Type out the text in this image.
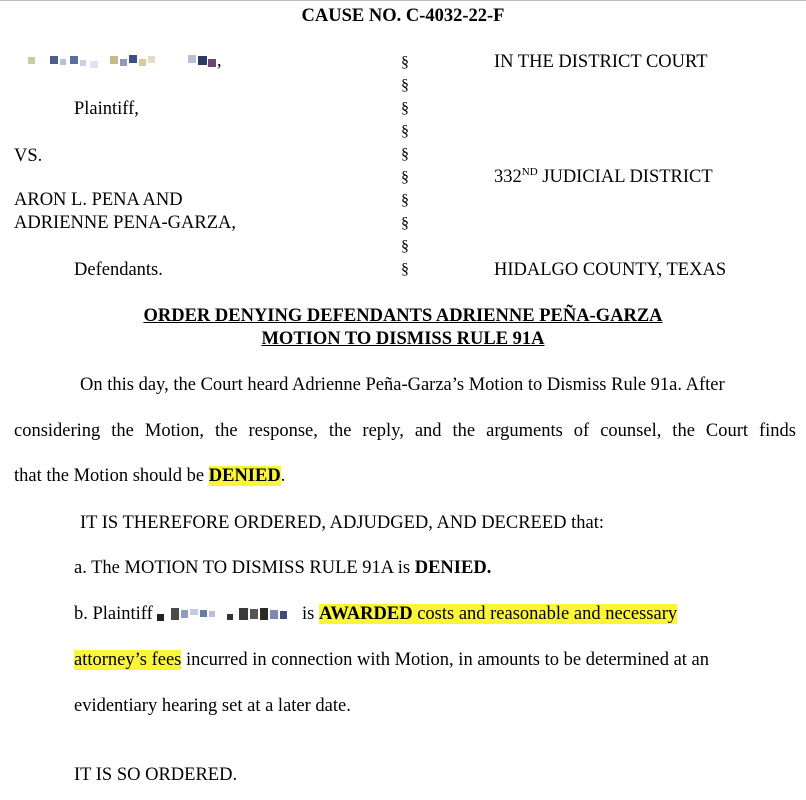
CAUSE NO. C-4032-22-F
,
Plaintiff,
VS.
ARON L. PENA AND
ADRIENNE PENA-GARZA,
Defendants.
§
§
§
§
§
§
§
§
§
§
IN THE DISTRICT COURT
332ND JUDICIAL DISTRICT
HIDALGO COUNTY, TEXAS
ORDER DENYING DEFENDANTS ADRIENNE PEÑA-GARZA
MOTION TO DISMISS RULE 91A
On this day, the Court heard Adrienne Peña-Garza’s Motion to Dismiss Rule 91a. After
considering the Motion, the response, the reply, and the arguments of counsel, the Court finds
that the Motion should be DENIED.
IT IS THEREFORE ORDERED, ADJUDGED, AND DECREED that:
a. The MOTION TO DISMISS RULE 91A is DENIED.
b. Plaintiff	is AWARDED costs and reasonable and necessary
attorney’s fees incurred in connection with Motion, in amounts to be determined at an
evidentiary hearing set at a later date.
IT IS SO ORDERED.
